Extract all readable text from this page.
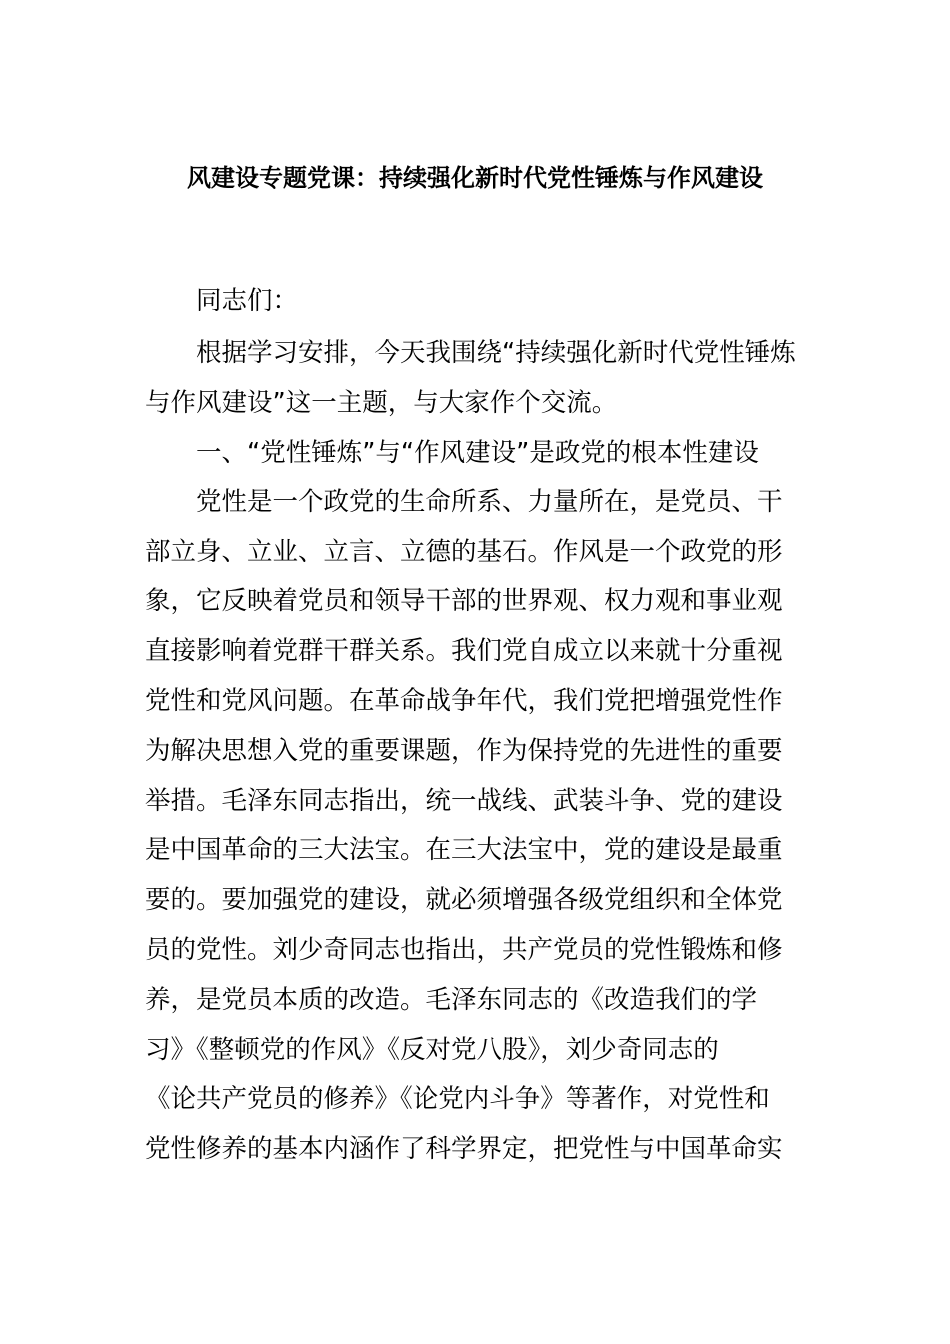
风建设专题党课：持续强化新时代党性锤炼与作风建设
同志们：
根据学习安排，今天我围绕“持续强化新时代党性锤炼
与作风建设”这一主题，与大家作个交流。
一、“党性锤炼”与“作风建设”是政党的根本性建设
党性是一个政党的生命所系、力量所在，是党员、干
部立身、立业、立言、立德的基石。作风是一个政党的形
象，它反映着党员和领导干部的世界观、权力观和事业观
直接影响着党群干群关系。我们党自成立以来就十分重视
党性和党风问题。在革命战争年代，我们党把增强党性作
为解决思想入党的重要课题，作为保持党的先进性的重要
举措。毛泽东同志指出，统一战线、武装斗争、党的建设
是中国革命的三大法宝。在三大法宝中，党的建设是最重
要的。要加强党的建设，就必须增强各级党组织和全体党
员的党性。刘少奇同志也指出，共产党员的党性锻炼和修
养，是党员本质的改造。毛泽东同志的《改造我们的学
习》《整顿党的作风》《反对党八股》，刘少奇同志的
《论共产党员的修养》《论党内斗争》等著作，对党性和
党性修养的基本内涵作了科学界定，把党性与中国革命实
